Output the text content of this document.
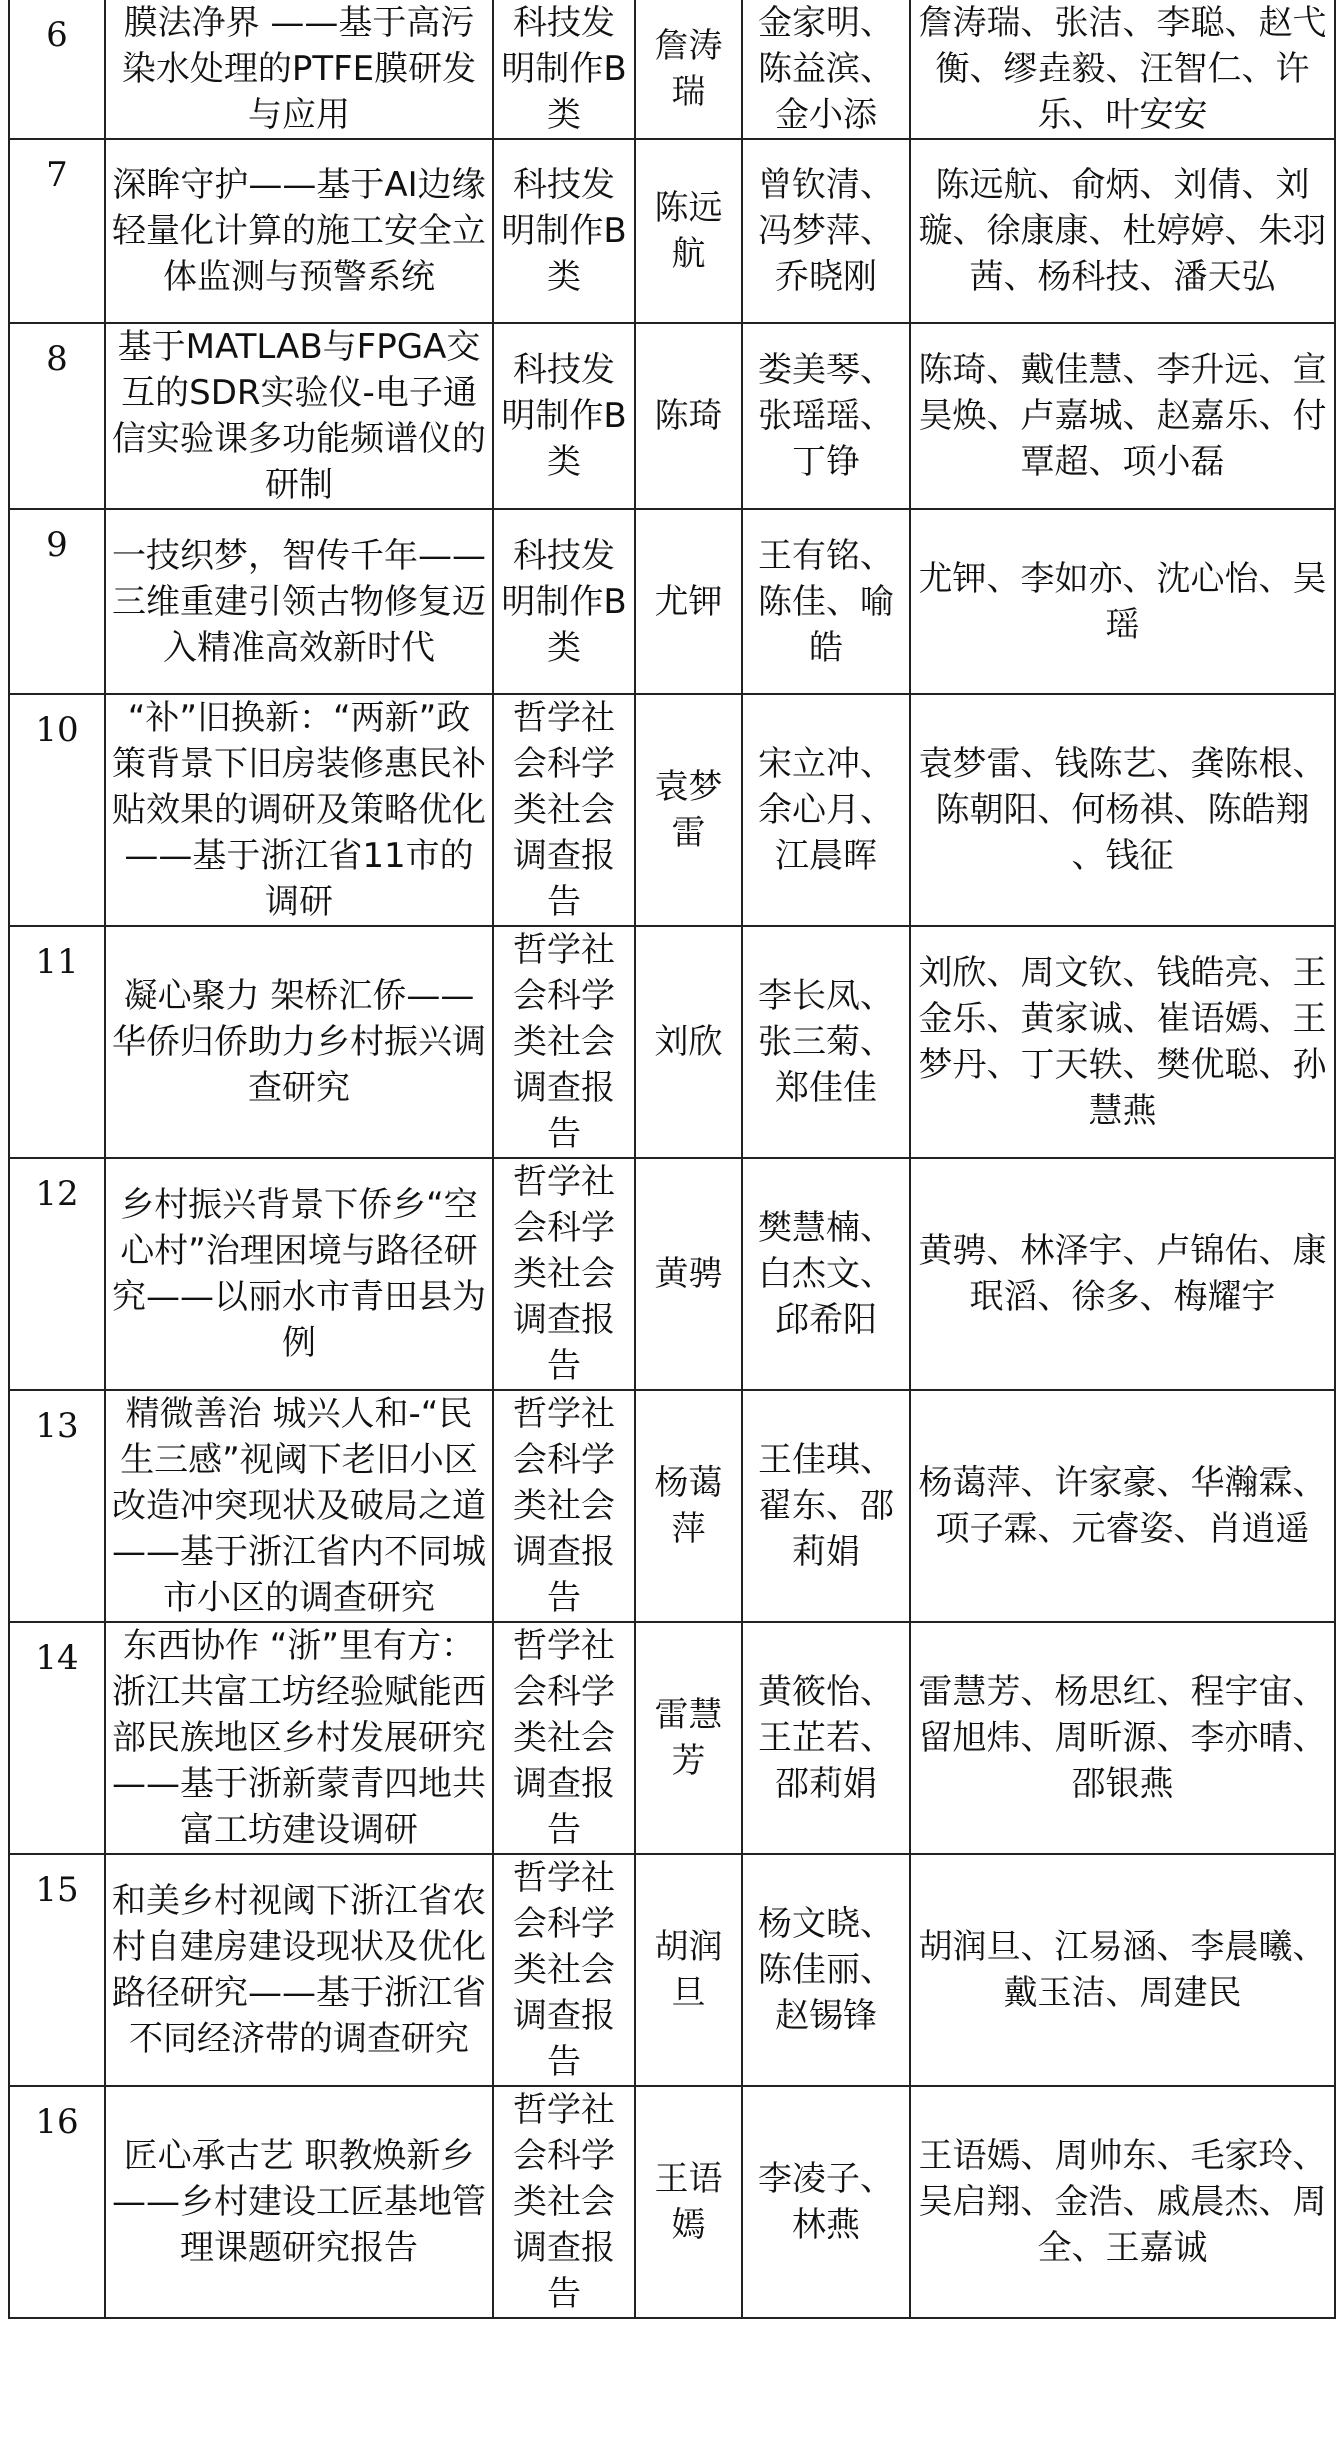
6	膜法净界 ——基于高污染水处理的PTFE膜研发与应用	科技发明制作B类	詹涛瑞	金家明、陈益滨、金小添	詹涛瑞、张洁、李聪、赵弋衡、缪垚毅、汪智仁、许乐、叶安安
7	深眸守护——基于AI边缘轻量化计算的施工安全立体监测与预警系统	科技发明制作B类	陈远航	曾钦清、冯梦萍、乔晓刚	陈远航、俞炳、刘倩、刘璇、徐康康、杜婷婷、朱羽茜、杨科技、潘天弘
8	基于MATLAB与FPGA交互的SDR实验仪-电子通信实验课多功能频谱仪的研制	科技发明制作B类	陈琦	娄美琴、张瑶瑶、丁铮	陈琦、戴佳慧、李升远、宣昊焕、卢嘉城、赵嘉乐、付覃超、项小磊
9	一技织梦，智传千年——三维重建引领古物修复迈入精准高效新时代	科技发明制作B类	尤钾	王有铭、陈佳、喻皓	尤钾、李如亦、沈心怡、吴瑶
10	“补”旧换新：“两新”政策背景下旧房装修惠民补贴效果的调研及策略优化——基于浙江省11市的调研	哲学社会科学类社会调查报告	袁梦雷	宋立冲、余心月、江晨晖	袁梦雷、钱陈艺、龚陈根、陈朝阳、何杨祺、陈皓翔 、钱征
11	凝心聚力 架桥汇侨——华侨归侨助力乡村振兴调查研究	哲学社会科学类社会调查报告	刘欣	李长凤、张三菊、郑佳佳	刘欣、周文钦、钱皓亮、王金乐、黄家诚、崔语嫣、王梦丹、丁天轶、樊优聪、孙慧燕
12	乡村振兴背景下侨乡“空心村”治理困境与路径研究——以丽水市青田县为例	哲学社会科学类社会调查报告	黄骋	樊慧楠、白杰文、邱希阳	黄骋、林泽宇、卢锦佑、康珉滔、徐多、梅耀宇
13	精微善治 城兴人和-“民生三感”视阈下老旧小区改造冲突现状及破局之道——基于浙江省内不同城市小区的调查研究	哲学社会科学类社会调查报告	杨蔼萍	王佳琪、翟东、邵莉娟	杨蔼萍、许家豪、华瀚霖、项子霖、元睿姿、肖逍遥
14	东西协作 “浙”里有方：浙江共富工坊经验赋能西部民族地区乡村发展研究——基于浙新蒙青四地共富工坊建设调研	哲学社会科学类社会调查报告	雷慧芳	黄筱怡、王芷若、邵莉娟	雷慧芳、杨思红、程宇宙、留旭炜、周昕源、李亦晴、邵银燕
15	和美乡村视阈下浙江省农村自建房建设现状及优化路径研究——基于浙江省不同经济带的调查研究	哲学社会科学类社会调查报告	胡润旦	杨文晓、陈佳丽、赵锡锋	胡润旦、江易涵、李晨曦、戴玉洁、周建民
16	匠心承古艺 职教焕新乡——乡村建设工匠基地管理课题研究报告	哲学社会科学类社会调查报告	王语嫣	李凌子、林燕	王语嫣、周帅东、毛家玲、吴启翔、金浩、戚晨杰、周全、王嘉诚
